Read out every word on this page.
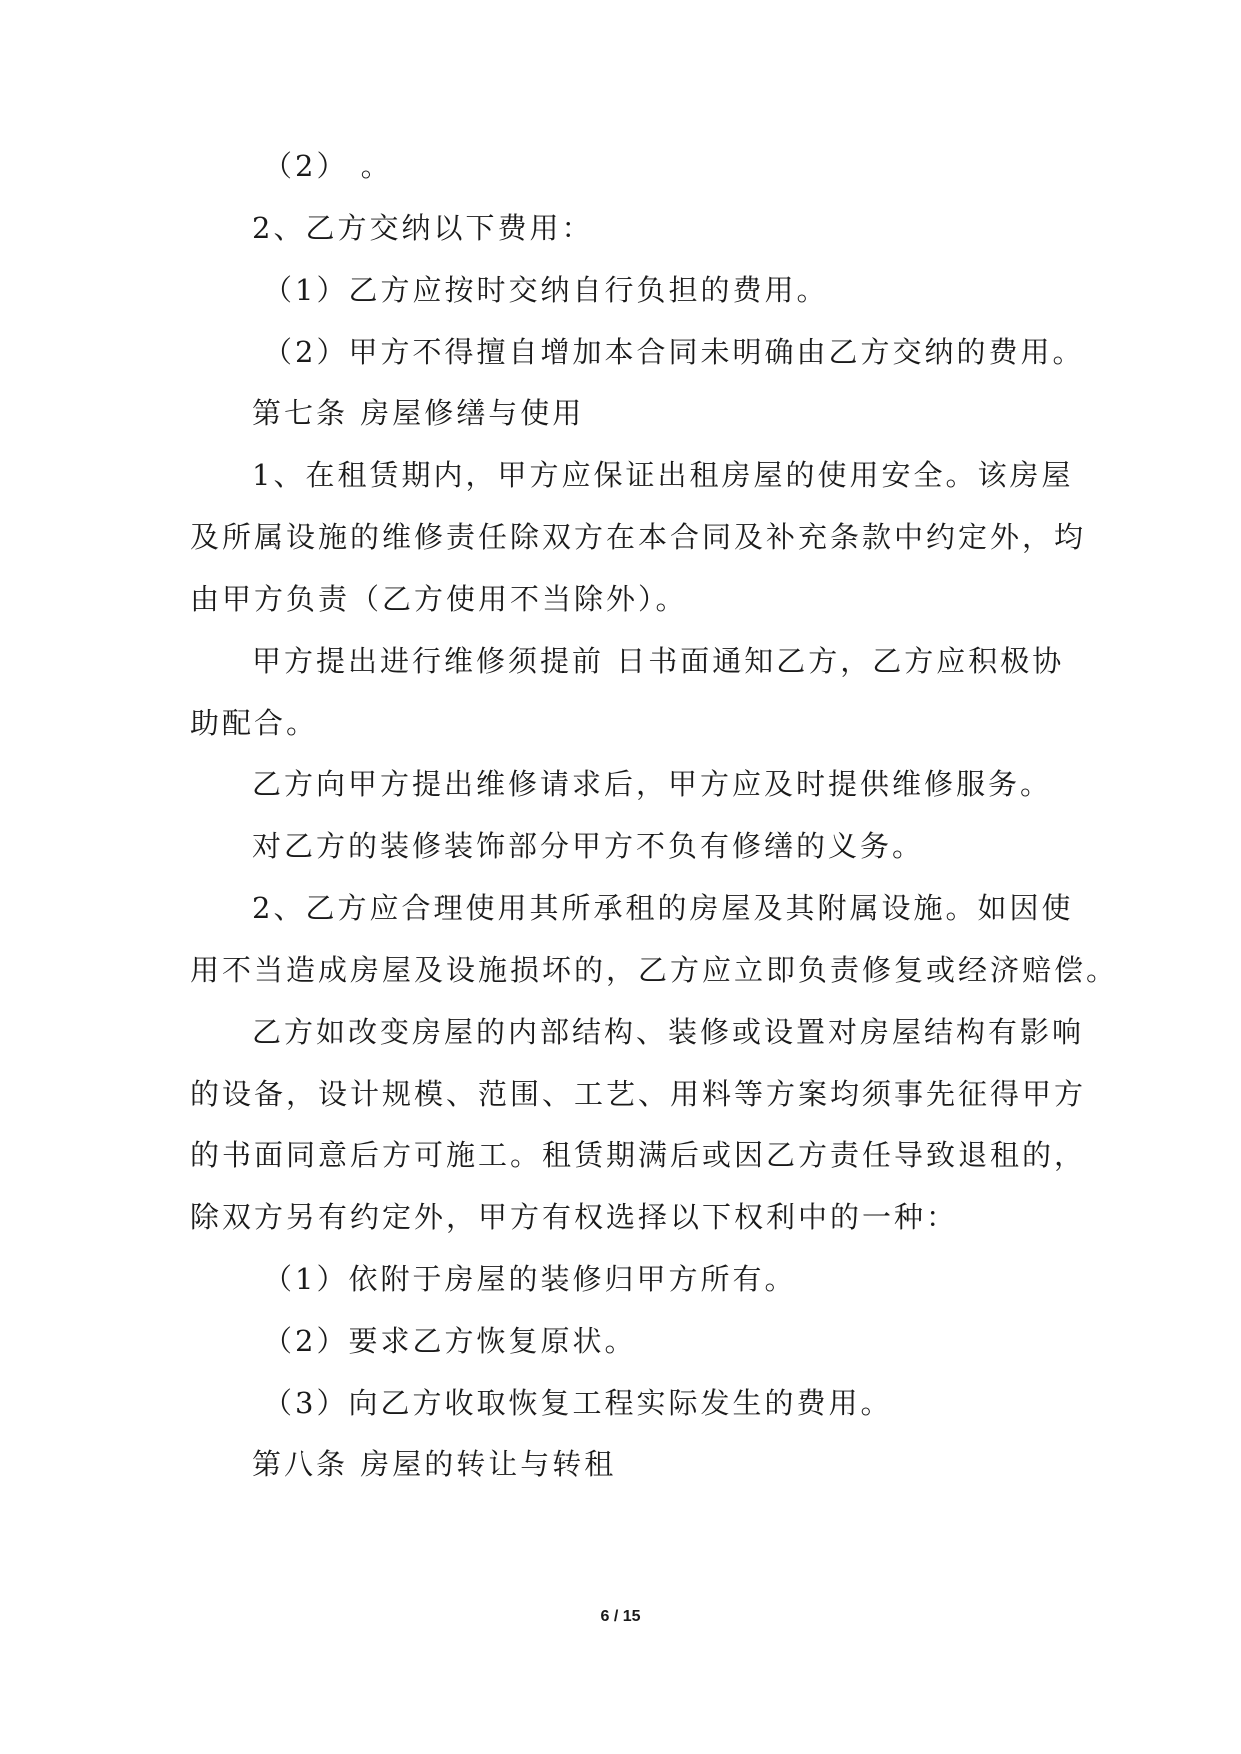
（2） 。
2、乙方交纳以下费用：
（1）乙方应按时交纳自行负担的费用。
（2）甲方不得擅自增加本合同未明确由乙方交纳的费用。
第七条 房屋修缮与使用
1、在租赁期内，甲方应保证出租房屋的使用安全。该房屋
及所属设施的维修责任除双方在本合同及补充条款中约定外，均
由甲方负责（乙方使用不当除外）。
甲方提出进行维修须提前 日书面通知乙方，乙方应积极协
助配合。
乙方向甲方提出维修请求后，甲方应及时提供维修服务。
对乙方的装修装饰部分甲方不负有修缮的义务。
2、乙方应合理使用其所承租的房屋及其附属设施。如因使
用不当造成房屋及设施损坏的，乙方应立即负责修复或经济赔偿。
乙方如改变房屋的内部结构、装修或设置对房屋结构有影响
的设备，设计规模、范围、工艺、用料等方案均须事先征得甲方
的书面同意后方可施工。租赁期满后或因乙方责任导致退租的，
除双方另有约定外，甲方有权选择以下权利中的一种：
（1）依附于房屋的装修归甲方所有。
（2）要求乙方恢复原状。
（3）向乙方收取恢复工程实际发生的费用。
第八条 房屋的转让与转租
6 / 15
